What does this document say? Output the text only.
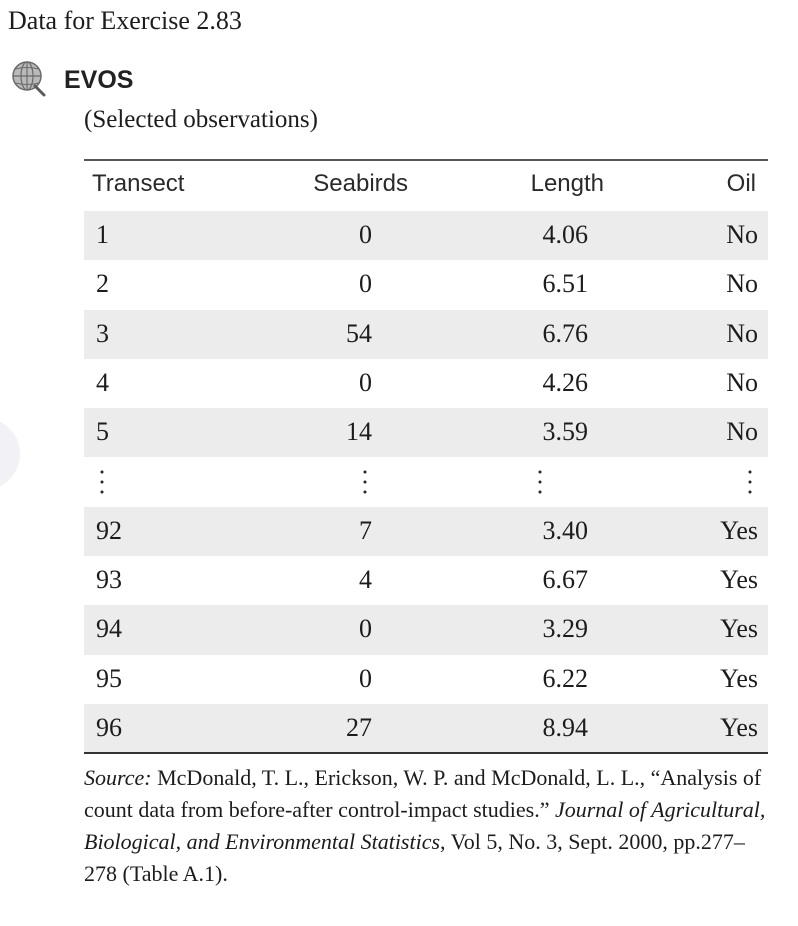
Data for Exercise 2.83
EVOS
(Selected observations)
Transect	Seabirds	Length	Oil
1	0	4.06	No
2	0	6.51	No
3	54	6.76	No
4	0	4.26	No
5	14	3.59	No
92	7	3.40	Yes
93	4	6.67	Yes
94	0	3.29	Yes
95	0	6.22	Yes
96	27	8.94	Yes
Source: McDonald, T. L., Erickson, W. P. and McDonald, L. L., “Analysis of count data from before-after control-impact studies.” Journal of Agricultural, Biological, and Environmental Statistics, Vol 5, No. 3, Sept. 2000, pp.277–278 (Table A.1).
